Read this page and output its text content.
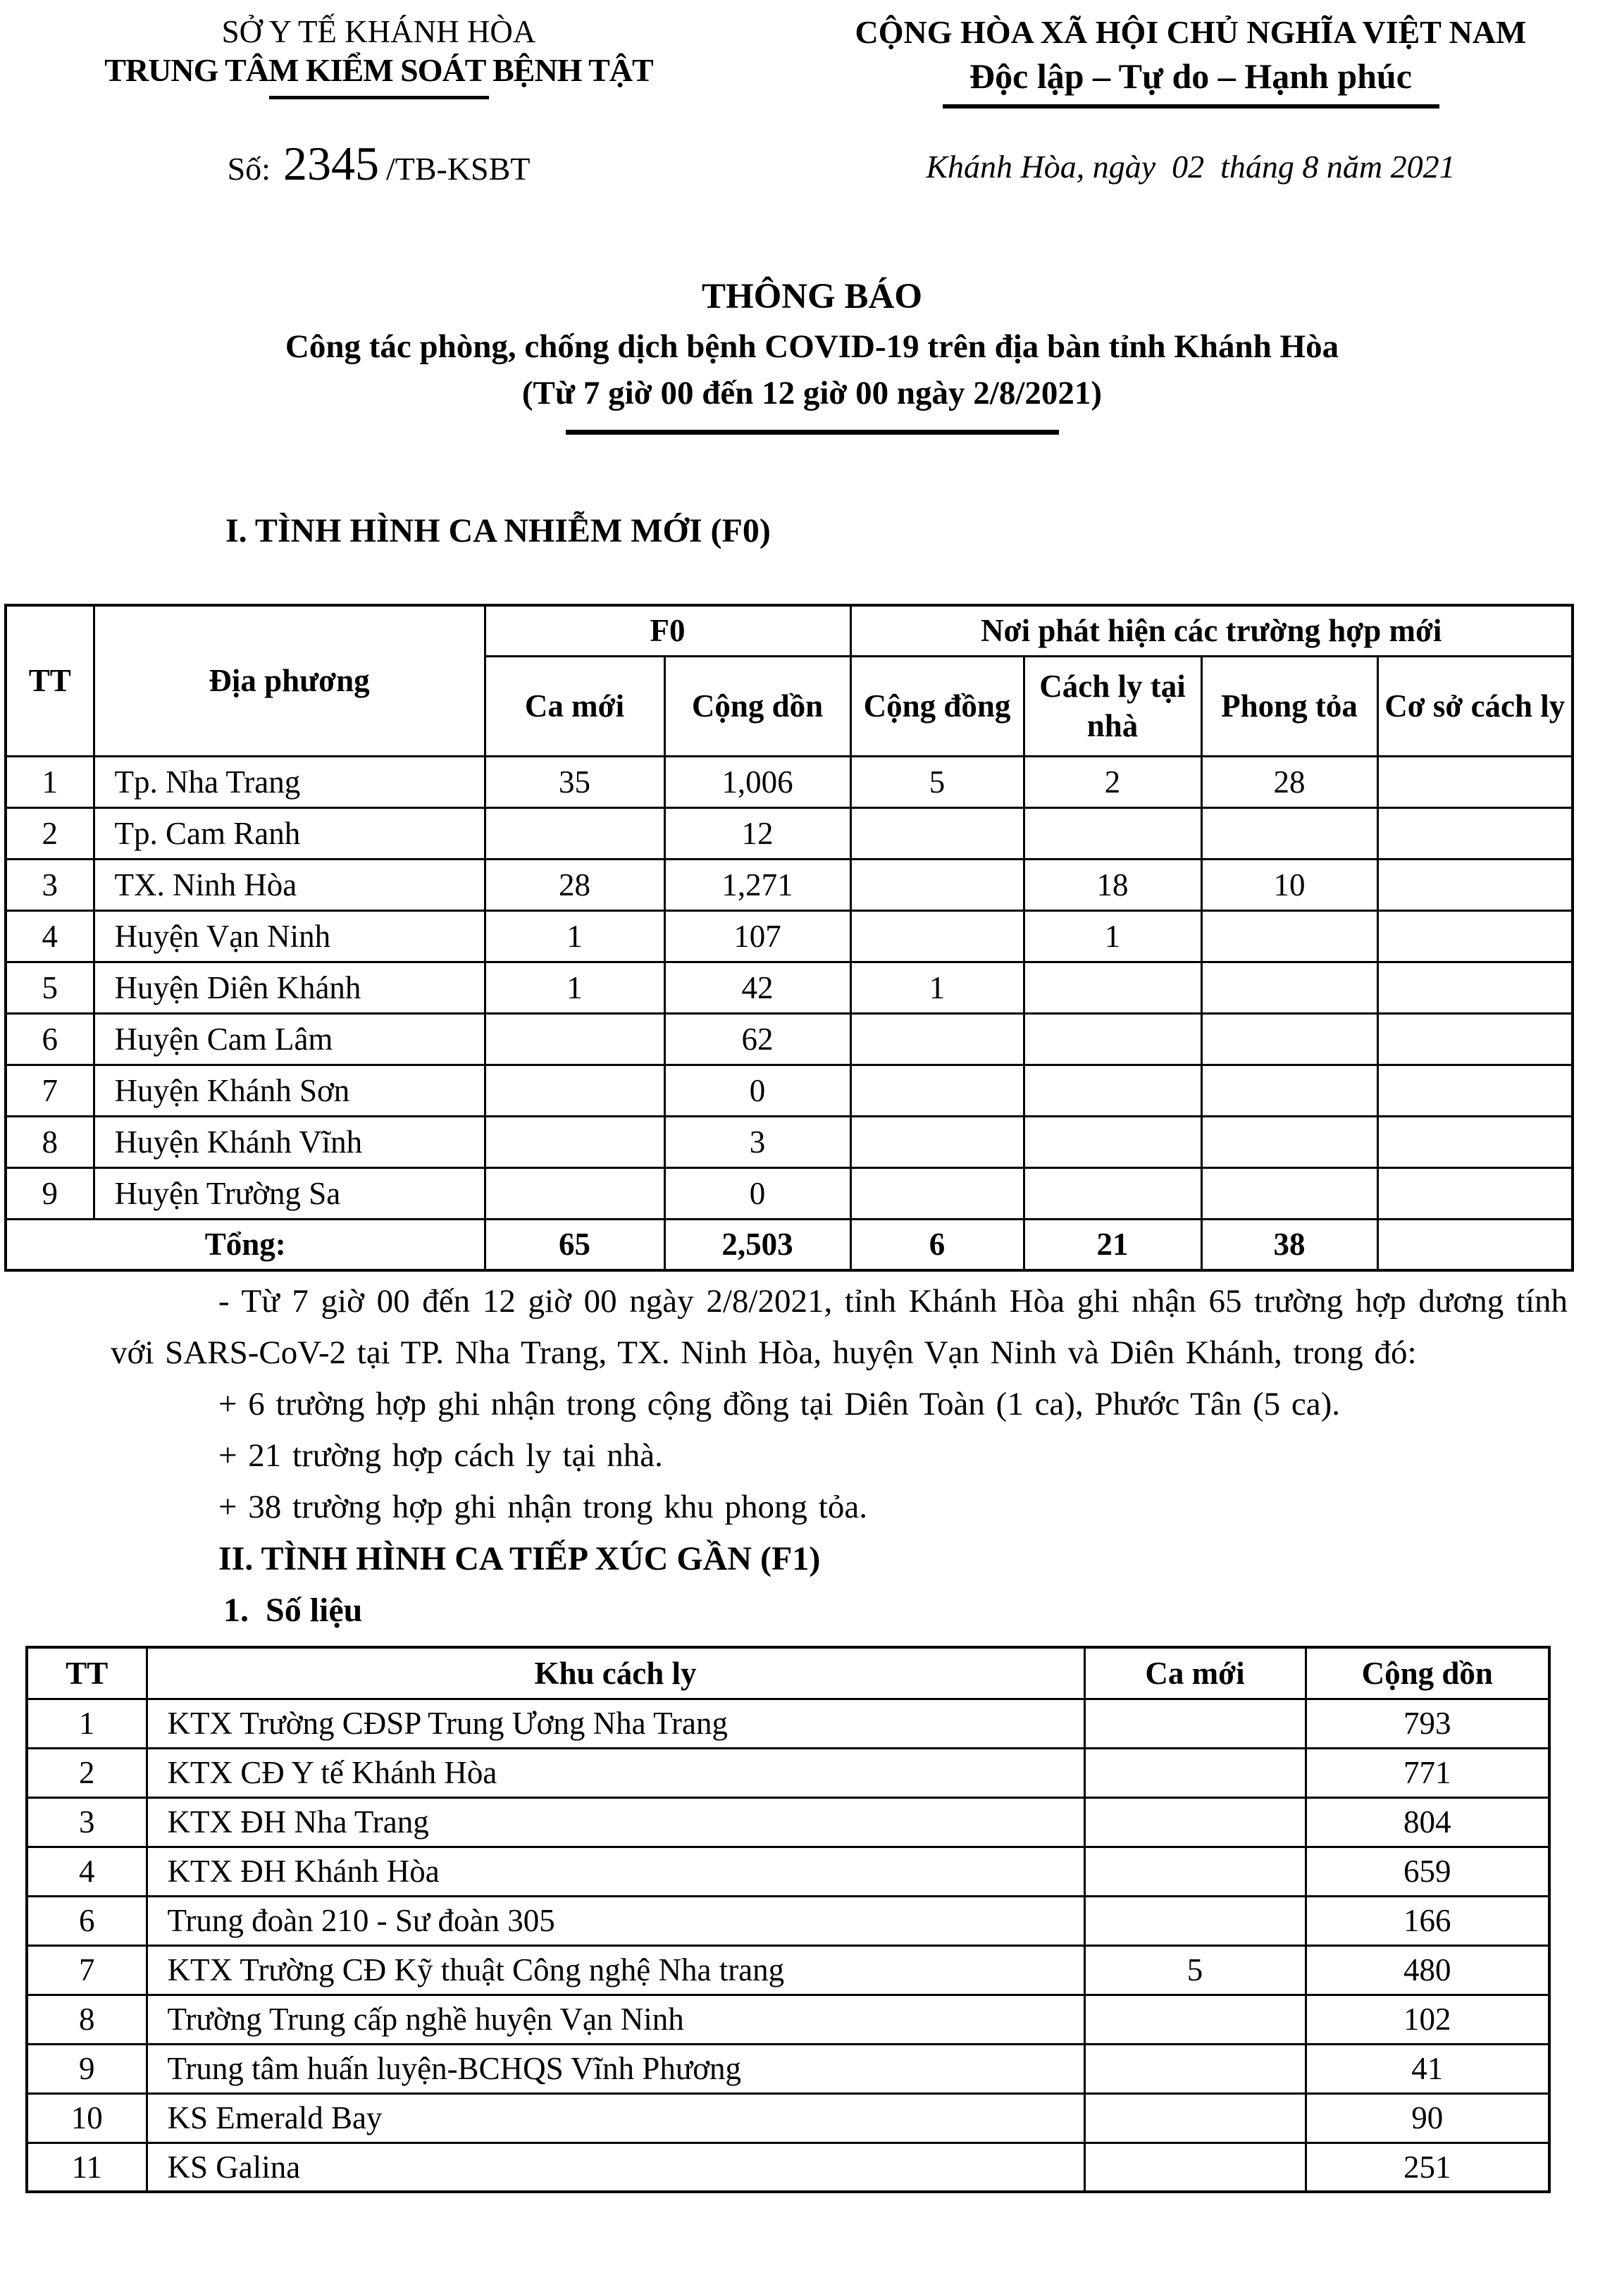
SỞ Y TẾ KHÁNH HÒA
TRUNG TÂM KIỂM SOÁT BỆNH TẬT
Số: 2345 /TB-KSBT
CỘNG HÒA XÃ HỘI CHỦ NGHĨA VIỆT NAM
Độc lập – Tự do – Hạnh phúc
Khánh Hòa, ngày  02  tháng 8 năm 2021
THÔNG BÁO
Công tác phòng, chống dịch bệnh COVID-19 trên địa bàn tỉnh Khánh Hòa
(Từ 7 giờ 00 đến 12 giờ 00 ngày 2/8/2021)
I. TÌNH HÌNH CA NHIỄM MỚI (F0)
TT	Địa phương	F0		Nơi phát hiện các trường hợp mới			
		Ca mới	Cộng dồn	Cộng đồng	Cách ly tại nhà	Phong tỏa	Cơ sở cách ly
1	Tp. Nha Trang	35	1,006	5	2	28	
2	Tp. Cam Ranh		12				
3	TX. Ninh Hòa	28	1,271		18	10	
4	Huyện Vạn Ninh	1	107		1		
5	Huyện Diên Khánh	1	42	1			
6	Huyện Cam Lâm		62				
7	Huyện Khánh Sơn		0				
8	Huyện Khánh Vĩnh		3				
9	Huyện Trường Sa		0				
Tổng:		65	2,503	6	21	38	

- Từ 7 giờ 00 đến 12 giờ 00 ngày 2/8/2021, tỉnh Khánh Hòa ghi nhận 65 trường hợp dương tính với SARS-CoV-2 tại TP. Nha Trang, TX. Ninh Hòa, huyện Vạn Ninh và Diên Khánh, trong đó:

+ 6 trường hợp ghi nhận trong cộng đồng tại Diên Toàn (1 ca), Phước Tân (5 ca).

+ 21 trường hợp cách ly tại nhà.

+ 38 trường hợp ghi nhận trong khu phong tỏa.

II. TÌNH HÌNH CA TIẾP XÚC GẦN (F1)
1.  Số liệu
TT	Khu cách ly	Ca mới	Cộng dồn
1	KTX Trường CĐSP Trung Ương Nha Trang		793
2	KTX CĐ Y tế Khánh Hòa		771
3	KTX ĐH Nha Trang		804
4	KTX ĐH Khánh Hòa		659
6	Trung đoàn 210 - Sư đoàn 305		166
7	KTX Trường CĐ Kỹ thuật Công nghệ Nha trang	5	480
8	Trường Trung cấp nghề huyện Vạn Ninh		102
9	Trung tâm huấn luyện-BCHQS Vĩnh Phương		41
10	KS Emerald Bay		90
11	KS Galina		251
